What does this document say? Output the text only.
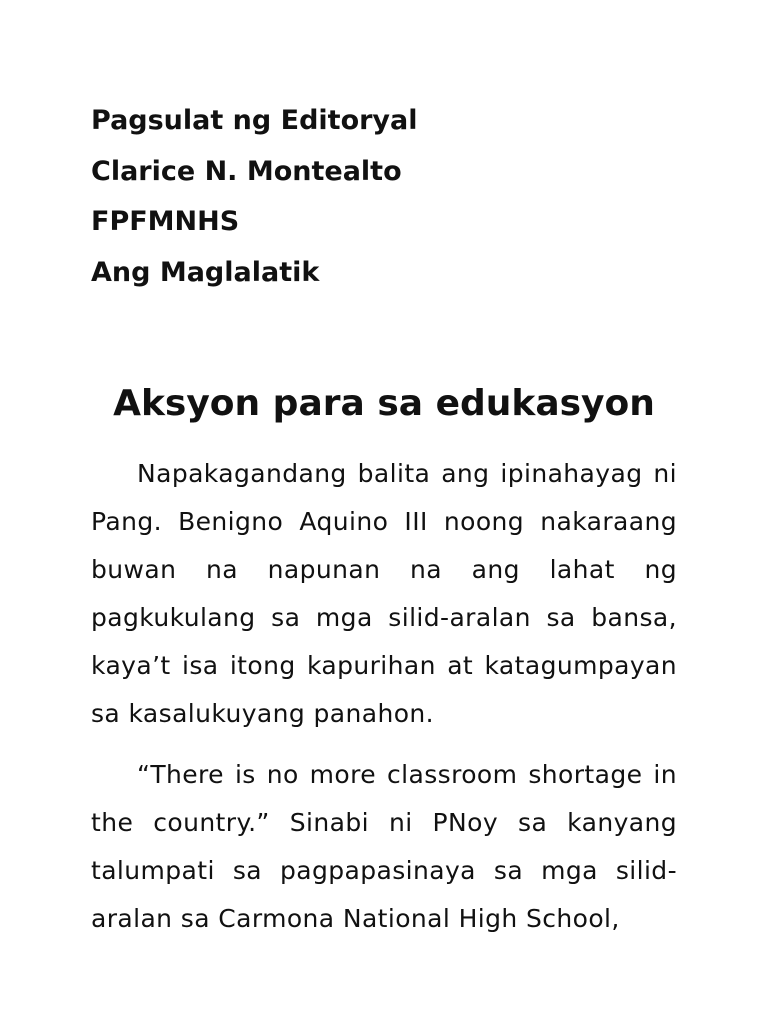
Pagsulat ng Editoryal
Clarice N. Montealto
FPFMNHS
Ang Maglalatik
Aksyon para sa edukasyon

Napakagandang balita ang ipinahayag ni Pang. Benigno Aquino III noong nakaraang buwan na napunan na ang lahat ng pagkukulang sa mga silid-aralan sa bansa, kaya’t isa itong kapurihan at katagumpayan sa kasalukuyang panahon.

“There is no more classroom shortage in the country.” Sinabi ni PNoy sa kanyang talumpati sa pagpapasinaya sa mga silid-aralan sa Carmona National High School,
